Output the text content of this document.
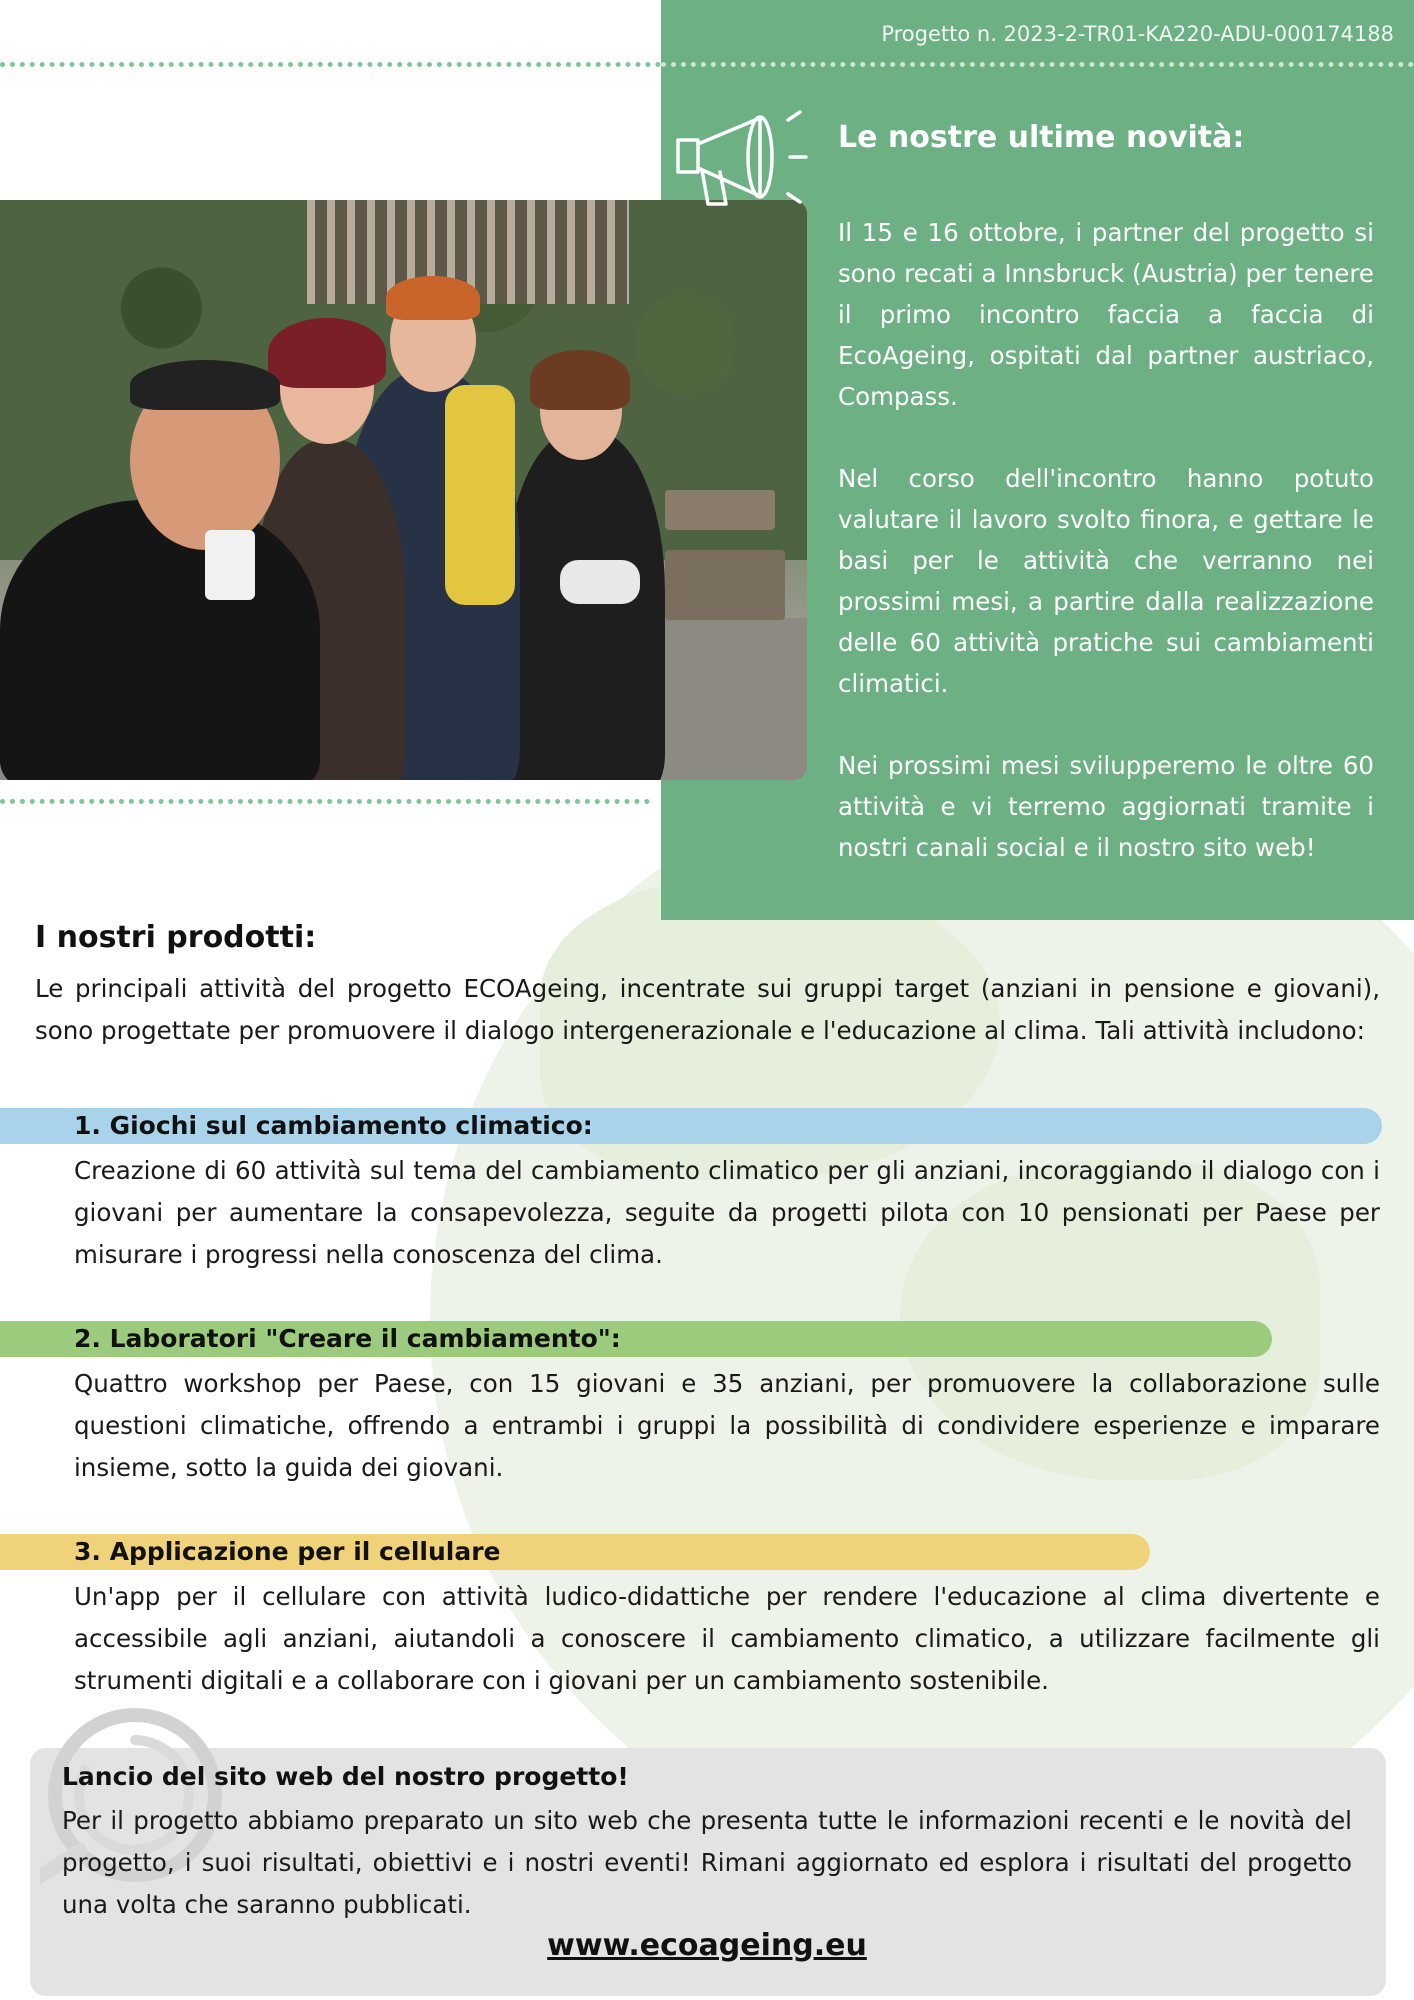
Progetto n. 2023-2-TR01-KA220-ADU-000174188
Le nostre ultime novità:

Il 15 e 16 ottobre, i partner del progetto si sono recati a Innsbruck (Austria) per tenere il primo incontro faccia a faccia di EcoAgeing, ospitati dal partner austriaco, Compass.

Nel corso dell'incontro hanno potuto valutare il lavoro svolto finora, e gettare le basi per le attività che verranno nei prossimi mesi, a partire dalla realizzazione delle 60 attività pratiche sui cambiamenti climatici.

Nei prossimi mesi svilupperemo le oltre 60 attività e vi terremo aggiornati tramite i nostri canali social e il nostro sito web!

I nostri prodotti:

Le principali attività del progetto ECOAgeing, incentrate sui gruppi target (anziani in pensione e giovani), sono progettate per promuovere il dialogo intergenerazionale e l'educazione al clima. Tali attività includono:

1. Giochi sul cambiamento climatico:

Creazione di 60 attività sul tema del cambiamento climatico per gli anziani, incoraggiando il dialogo con i giovani per aumentare la consapevolezza, seguite da progetti pilota con 10 pensionati per Paese per misurare i progressi nella conoscenza del clima.

2. Laboratori "Creare il cambiamento":

Quattro workshop per Paese, con 15 giovani e 35 anziani, per promuovere la collaborazione sulle questioni climatiche, offrendo a entrambi i gruppi la possibilità di condividere esperienze e imparare insieme, sotto la guida dei giovani.

3. Applicazione per il cellulare

Un'app per il cellulare con attività ludico-didattiche per rendere l'educazione al clima divertente e accessibile agli anziani, aiutandoli a conoscere il cambiamento climatico, a utilizzare facilmente gli strumenti digitali e a collaborare con i giovani per un cambiamento sostenibile.

Lancio del sito web del nostro progetto!

Per il progetto abbiamo preparato un sito web che presenta tutte le informazioni recenti e le novità del progetto, i suoi risultati, obiettivi e i nostri eventi! Rimani aggiornato ed esplora i risultati del progetto una volta che saranno pubblicati.

www.ecoageing.eu
